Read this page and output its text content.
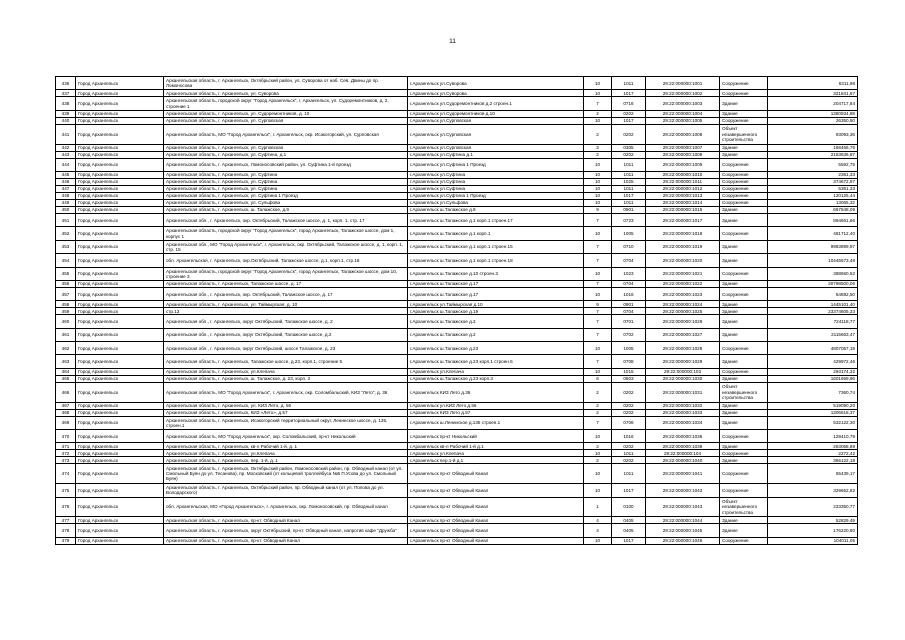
11
436	Город Архангельск	Архангельская область, г. Архангельск, Октябрьский район, ул. Суворова от наб. Сев. Двины до пр. Ломоносова	г.Архангельск ул.Суворова	10	1011	29:22:000000:1001	Сооружение	6311,98
437	Город Архангельск	Архангельская область, г. Архангельск, ул. Суворова	г.Архангельск ул.Суворова	10	1017	29:22:000000:1002	Сооружение	321841,67
438	Город Архангельск	Архангельская область, городской округ "Город Архангельск", г. Архангельск, ул. Судоремонтников, д. 2, строение 1	г.Архангельск ул.Судоремонтников д.2 строен.1	7	0716	29:22:000000:1003	Здание	204717,84
439	Город Архангельск	Архангельская область, г. Архангельск, ул. Судоремонтников, д. 10	г.Архангельск ул.Судоремонтников д.10	2	0202	29:22:000000:1004	Здание	1380934,88
440	Город Архангельск	Архангельская область, г. Архангельск, ул. Сурповская	г.Архангельск ул.Сурповская	10	1017	29:22:000000:1005	Сооружение	26350,50
441	Город Архангельск	Архангельская область, МО "Город Архангельск", г. Архангельск, окр. Исакогорский, ул. Сурповская	г.Архангельск ул.Сурповская	2	0202	29:22:000000:1006	Объект незавершенного строительства	93093,36
442	Город Архангельск	Архангельская область, г. Архангельск, ул. Сурповская	г.Архангельск ул.Сурповская	3	0305	29:22:000000:1007	Здание	168456,76
443	Город Архангельск	Архангельская область, г. Архангельск, ул. Суфтина, д.1	г.Архангельск ул.Суфтина д.1	2	0202	29:22:000000:1008	Здание	2153636,67
444	Город Архангельск	Архангельская область, г. Архангельск, Ломоносовский район, ул. Суфтина 1-й проезд	г.Архангельск ул.Суфтина 1 Проезд	10	1011	29:22:000000:1009	Сооружение	5592,75
445	Город Архангельск	Архангельская область, г. Архангельск, ул. Суфтина	г.Архангельск ул.Суфтина	10	1011	29:22:000000:1010	Сооружение	2361,33
446	Город Архангельск	Архангельская область, г. Архангельск, ул. Суфтина	г.Архангельск ул.Суфтина	10	1025	29:22:000000:1011	Сооружение	374672,97
447	Город Архангельск	Архангельская область, г. Архангельск, ул. Суфтина	г.Архангельск ул.Суфтина	10	1011	29:22:000000:1012	Сооружение	5361,33
448	Город Архангельск	Архангельская область, г. Архангельск, ул. Суфтина 1 Проезд	г.Архангельск ул.Суфтина 1 Проезд	10	1017	29:22:000000:1013	Сооружение	120125,44
449	Город Архангельск	Архангельская область, г. Архангельск, ул. Сульфова	г.Архангельск ул.Сульфова	10	1011	29:22:000000:1014	Сооружение	13065,32
450	Город Архангельск	Архангельская область, г. Архангельск, ш. Талажское, д.9	г.Архангельск ш.Талажское д.9	9	0901	29:22:000000:1015	Здание	667848,09
451	Город Архангельск	Архангельская обл., г. Архангельск, окр. Октябрьский, Талажское шоссе, д. 1, корп. 1, стр. 17	г.Архангельск ш.Талажское д.1 корп.1 строен.17	7	0723	29:22:000000:1017	Здание	894661,66
452	Город Архангельск	Архангельская область, городской округ "Город Архангельск", город Архангельск, Талажское шоссе, дом 1, корпус 1	г.Архангельск ш.Талажское д.1 корп.1	10	1005	29:22:000000:1018	Сооружение	481712,40
453	Город Архангельск	Архангельская обл., МО "Город Архангельск", г. Архангельск, окр. Октябрьский, Талажское шоссе, д. 1, корп. 1, стр. 15	г.Архангельск ш.Талажское д.1 корп.1 строен.15	7	0710	29:22:000000:1019	Здание	9983899,97
454	Город Архангельск	обл. Архангельская, г. Архангельск, окр.Октябрьский, Талажское шоссе, д.1, корп.1, стр.18	г.Архангельск ш.Талажское д.1 корп.1 строен.18	7	0704	29:22:000000:1020	Здание	10445673,48
455	Город Архангельск	Архангельская область, городской округ "Город Архангельск", город Архангельск, Талажское шоссе, дом 10, строение 3	г.Архангельск ш.Талажское д.10 строен.3	10	1023	29:22:000000:1021	Сооружение	388660,52
456	Город Архангельск	Архангельская область, г. Архангельск, Талажское шоссе, д. 17	г.Архангельск ш.Талажское д.17	7	0704	29:22:000000:1022	Здание	30798500,06
457	Город Архангельск	Архангельская обл., г. Архангельск, окр. Октябрьский, Талажское шоссе, д. 17	г.Архангельск ш.Талажское д.17	10	1016	29:22:000000:1023	Сооружение	64892,50
458	Город Архангельск	Архангельская область, г. Архангельск, ул. Таймырская, д. 10	г.Архангельск ул.Таймырская д.10	9	0901	29:22:000000:1024	Здание	1445101,40
459	Город Архангельск	стр.13	г.Архангельск ш.Талажское д.19	7	0704	29:22:000000:1025	Здание	23374605,33
460	Город Архангельск	Архангельская обл., г. Архангельск, округ Октябрьский, Талажское шоссе, д. 2	г.Архангельск ш.Талажское д.2	7	0701	29:22:000000:1026	Здание	724118,77
461	Город Архангельск	Архангельская обл., г. Архангельск, округ Октябрьский, Талажское шоссе, д.2	г.Архангельск ш.Талажское д.2	7	0702	29:22:000000:1027	Здание	2115663,47
462	Город Архангельск	Архангельская обл., г. Архангельск, округ Октябрьский, шоссе Талажское, д. 23	г.Архангельск ш.Талажское д.23	10	1005	29:22:000000:1028	Сооружение	4807057,19
463	Город Архангельск	Архангельская область, г. Архангельск, Талажское шоссе, д.23, корп.1, строение 5	г.Архангельск ш.Талажское д.23 корп.1 строен.5	7	0708	29:22:000000:1029	Здание	429972,46
464	Город Архангельск	Архангельская область, г. Архангельск, ул.Клепача	г.Архангельск ул.Клепача	10	1015	29:22:000000:103	Сооружение	293174,32
465	Город Архангельск	Архангельская область, г. Архангельск, ш. Талажское, д. 23, корп. 3	г.Архангельск ш.Талажское д.23 корп.3	6	0603	29:22:000000:1030	Здание	1601659,96
466	Город Архангельск	Архангельская область, МО "Город Архангельск", г. Архангельск, окр. Соломбальский, КИЗ "Лето", д. 36	г.Архангельск КИЗ Лето д.36	2	0202	29:22:000000:1031	Объект незавершенного строительства	7360,74
467	Город Архангельск	Архангельская область, г. Архангельск, ул. КИЗ Лето, д. 56	г.Архангельск ул.КИЗ Лето д.56	2	0202	29:22:000000:1032	Здание	519090,20
468	Город Архангельск	Архангельская область, г. Архангельск, КИЗ «Лето», д.57	г.Архангельск КИЗ Лето д.57	2	0202	29:22:000000:1033	Здание	1306618,37
469	Город Архангельск	Архангельская область, г. Архангельск, Исакогорский территориальный округ, Ленинское шоссе, д. 135, строен.1	г.Архангельск ш.Ленинское д.135 строен.1	7	0706	29:22:000000:1034	Здание	532122,30
470	Город Архангельск	Архангельская область, МО "Город Архангельск", окр. Соломбальский, пр-кт Никольский	г.Архангельск пр-кт Никольский	10	1016	29:22:000000:1036	Сооружение	129410,79
471	Город Архангельск	Архангельская область, г. Архангельск, кв-л Рабочий 1-й, д. 1	г.Архангельск кв-л Рабочий 1-й д.1	2	0202	29:22:000000:1038	Здание	283058,89
472	Город Архангельск	Архангельская область, г. Архангельск, ул.Клепача	г.Архангельск ул.Клепача	10	1011	29:22:000000:104	Сооружение	2272,42
473	Город Архангельск	Архангельская область, г. Архангельск, пер. 1-й, д. 1	г.Архангельск пер.1-й д.1	2	0202	29:22:000000:1040	Здание	365122,18
474	Город Архангельск	Архангельская область, г. Архангельск, Октябрьский район, Ломоносовский район, пр. Обводный канал (от ул. Смольный Буян до ул. Тесанова), пр. Московский (от кольцевой троллейбуса №5 П.Усова до ул. Смольный Буян)	г.Архангельск пр-кт Обводный Канал	10	1011	29:22:000000:1041	Сооружение	65439,17
475	Город Архангельск	Архангельская область, г. Архангельск, Октябрьский район, пр. Обводный канал (от ул. Попова до ул. Володарского)	г.Архангельск пр-кт Обводный Канал	10	1017	29:22:000000:1042	Сооружение	329652,82
476	Город Архангельск	обл. Архангельская, МО «Город Архангельск», г. Архангельск, окр. Ломоносовский, пр. Обводный канал	г.Архангельск пр-кт Обводный Канал	1	0100	29:22:000000:1043	Объект незавершенного строительства	233350,77
477	Город Архангельск	Архангельская область, г. Архангельск, пр-кт. Обводный Канал	г.Архангельск пр-кт Обводный Канал	4	0405	29:22:000000:1044	Здание	52829,49
478	Город Архангельск	Архангельская область, г. Архангельск, округ Октябрьский, пр-кт. Обводный канал, напротив кафе "Дружба"	г.Архангельск пр-кт Обводный Канал	4	0405	29:22:000000:1045	Здание	176220,80
479	Город Архангельск	Архангельская область, г. Архангельск, пр-кт. Обводный Канал	г.Архангельск пр-кт Обводный Канал	10	1017	29:22:000000:1046	Сооружение	104011,05
